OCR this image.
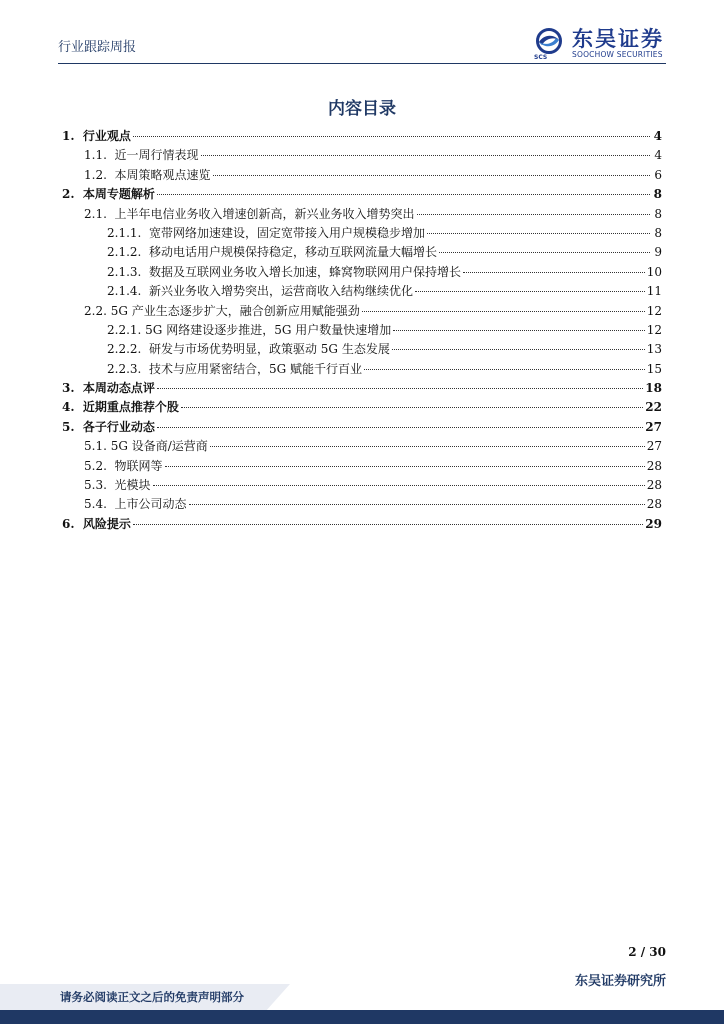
行业跟踪周报
SCS
东吴证券
SOOCHOW SECURITIES
内容目录
1. 行业观点	4
1.1. 近一周行情表现	4
1.2. 本周策略观点速览	6
2. 本周专题解析	8
2.1. 上半年电信业务收入增速创新高，新兴业务收入增势突出	8
2.1.1. 宽带网络加速建设，固定宽带接入用户规模稳步增加	8
2.1.2. 移动电话用户规模保持稳定，移动互联网流量大幅增长	9
2.1.3. 数据及互联网业务收入增长加速，蜂窝物联网用户保持增长	10
2.1.4. 新兴业务收入增势突出，运营商收入结构继续优化	11
2.2. 5G 产业生态逐步扩大，融合创新应用赋能强劲	12
2.2.1. 5G 网络建设逐步推进，5G 用户数量快速增加	12
2.2.2. 研发与市场优势明显，政策驱动 5G 生态发展	13
2.2.3. 技术与应用紧密结合，5G 赋能千行百业	15
3. 本周动态点评	18
4. 近期重点推荐个股	22
5. 各子行业动态	27
5.1. 5G 设备商/运营商	27
5.2. 物联网等	28
5.3. 光模块	28
5.4. 上市公司动态	28
6. 风险提示	29
2 / 30
东吴证券研究所
请务必阅读正文之后的免责声明部分
